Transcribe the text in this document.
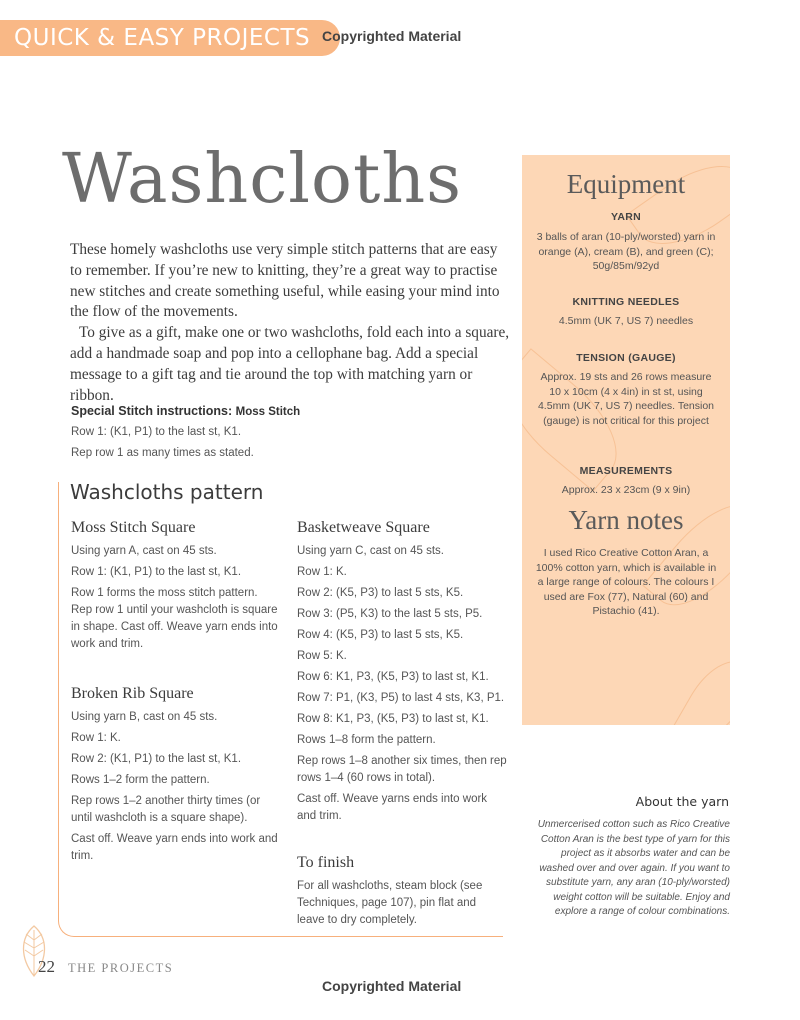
QUICK & EASY PROJECTS Copyrighted Material
Washcloths

These homely washcloths use very simple stitch patterns that are easy to remember. If you’re new to knitting, they’re a great way to practise new stitches and create something useful, while easing your mind into the flow of the movements.

To give as a gift, make one or two washcloths, fold each into a square, add a handmade soap and pop into a cellophane bag. Add a special message to a gift tag and tie around the top with matching yarn or ribbon.

Special Stitch instructions: Moss Stitch
Row 1: (K1, P1) to the last st, K1.
Rep row 1 as many times as stated.
Washcloths pattern
Moss Stitch Square

Using yarn A, cast on 45 sts.

Row 1: (K1, P1) to the last st, K1.

Row 1 forms the moss stitch pattern. Rep row 1 until your washcloth is square in shape. Cast off. Weave yarn ends into work and trim.

Broken Rib Square

Using yarn B, cast on 45 sts.

Row 1: K.

Row 2: (K1, P1) to the last st, K1.

Rows 1–2 form the pattern.

Rep rows 1–2 another thirty times (or until washcloth is a square shape).

Cast off. Weave yarn ends into work and trim.

Basketweave Square

Using yarn C, cast on 45 sts.

Row 1: K.

Row 2: (K5, P3) to last 5 sts, K5.

Row 3: (P5, K3) to the last 5 sts, P5.

Row 4: (K5, P3) to last 5 sts, K5.

Row 5: K.

Row 6: K1, P3, (K5, P3) to last st, K1.

Row 7: P1, (K3, P5) to last 4 sts, K3, P1.

Row 8: K1, P3, (K5, P3) to last st, K1.

Rows 1–8 form the pattern.

Rep rows 1–8 another six times, then rep rows 1–4 (60 rows in total).

Cast off. Weave yarns ends into work and trim.

To finish

For all washcloths, steam block (see Techniques, page 107), pin flat and leave to dry completely.

Equipment
YARN
3 balls of aran (10-ply/worsted) yarn in orange (A), cream (B), and green (C); 50g/85m/92yd
KNITTING NEEDLES
4.5mm (UK 7, US 7) needles
TENSION (GAUGE)
Approx. 19 sts and 26 rows measure 10 x 10cm (4 x 4in) in st st, using 4.5mm (UK 7, US 7) needles. Tension (gauge) is not critical for this project
MEASUREMENTS
Approx. 23 x 23cm (9 x 9in)
Yarn notes
I used Rico Creative Cotton Aran, a 100% cotton yarn, which is available in a large range of colours. The colours I used are Fox (77), Natural (60) and Pistachio (41).
About the yarn
Unmercerised cotton such as Rico Creative Cotton Aran is the best type of yarn for this project as it absorbs water and can be washed over and over again. If you want to substitute yarn, any aran (10-ply/worsted) weight cotton will be suitable. Enjoy and explore a range of colour combinations.
22 THE PROJECTS
Copyrighted Material
